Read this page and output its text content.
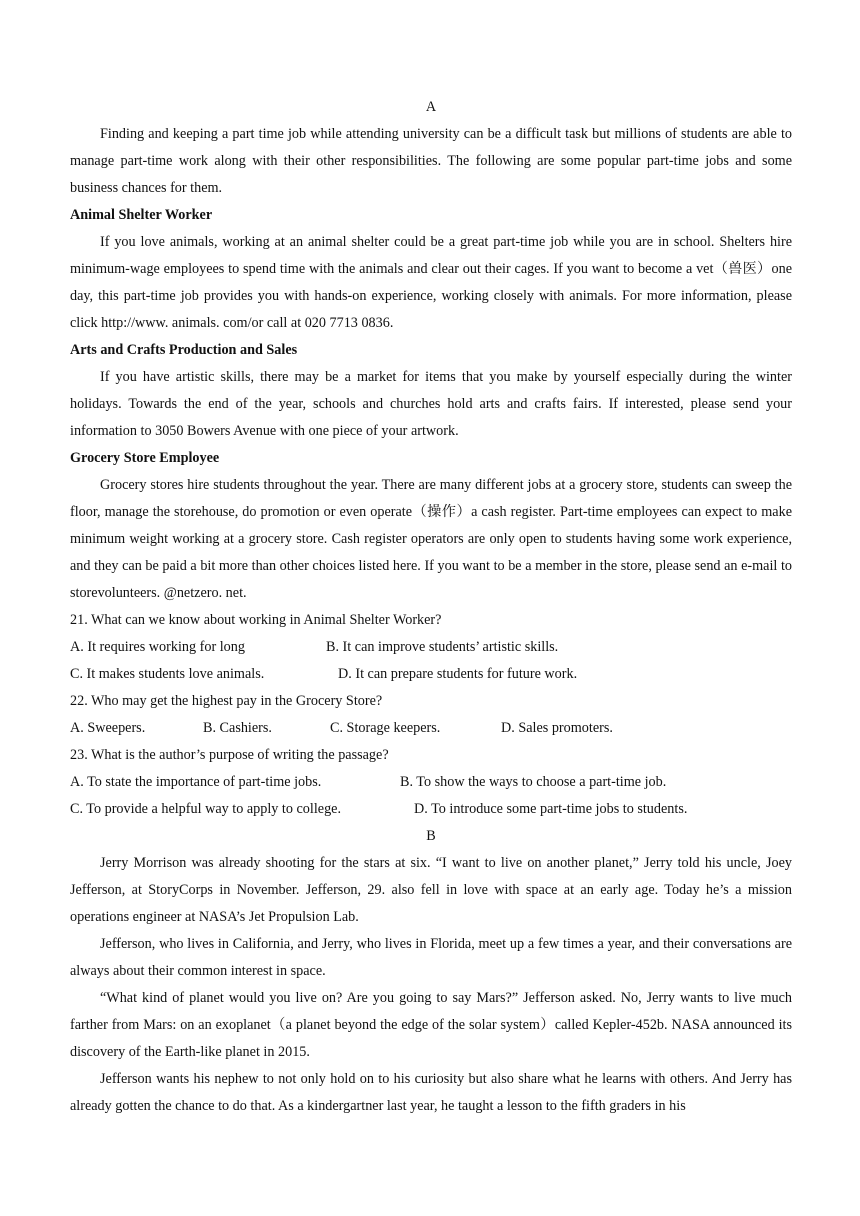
A
Finding and keeping a part time job while attending university can be a difficult task but millions of students are able to manage part-time work along with their other responsibilities. The following are some popular part-time jobs and some business chances for them.
Animal Shelter Worker
If you love animals, working at an animal shelter could be a great part-time job while you are in school. Shelters hire minimum-wage employees to spend time with the animals and clear out their cages. If you want to become a vet（兽医）one day, this part-time job provides you with hands-on experience, working closely with animals. For more information, please click http://www. animals. com/or call at 020 7713 0836.
Arts and Crafts Production and Sales
If you have artistic skills, there may be a market for items that you make by yourself especially during the winter holidays. Towards the end of the year, schools and churches hold arts and crafts fairs. If interested, please send your information to 3050 Bowers Avenue with one piece of your artwork.
Grocery Store Employee
Grocery stores hire students throughout the year. There are many different jobs at a grocery store, students can sweep the floor, manage the storehouse, do promotion or even operate（操作）a cash register. Part-time employees can expect to make minimum weight working at a grocery store. Cash register operators are only open to students having some work experience, and they can be paid a bit more than other choices listed here. If you want to be a member in the store, please send an e-mail to storevolunteers. @netzero. net.
21. What can we know about working in Animal Shelter Worker?
A. It requires working for long	B. It can improve students’ artistic skills.
C. It makes students love animals.	D. It can prepare students for future work.
22. Who may get the highest pay in the Grocery Store?
A. Sweepers.	B. Cashiers.	C. Storage keepers.	D. Sales promoters.
23. What is the author’s purpose of writing the passage?
A. To state the importance of part-time jobs.	B. To show the ways to choose a part-time job.
C. To provide a helpful way to apply to college.	D. To introduce some part-time jobs to students.
B
Jerry Morrison was already shooting for the stars at six. “I want to live on another planet,” Jerry told his uncle, Joey Jefferson, at StoryCorps in November. Jefferson, 29. also fell in love with space at an early age. Today he’s a mission operations engineer at NASA’s Jet Propulsion Lab.
Jefferson, who lives in California, and Jerry, who lives in Florida, meet up a few times a year, and their conversations are always about their common interest in space.
“What kind of planet would you live on? Are you going to say Mars?” Jefferson asked. No, Jerry wants to live much farther from Mars: on an exoplanet（a planet beyond the edge of the solar system）called Kepler-452b. NASA announced its discovery of the Earth-like planet in 2015.
Jefferson wants his nephew to not only hold on to his curiosity but also share what he learns with others. And Jerry has already gotten the chance to do that. As a kindergartner last year, he taught a lesson to the fifth graders in his
